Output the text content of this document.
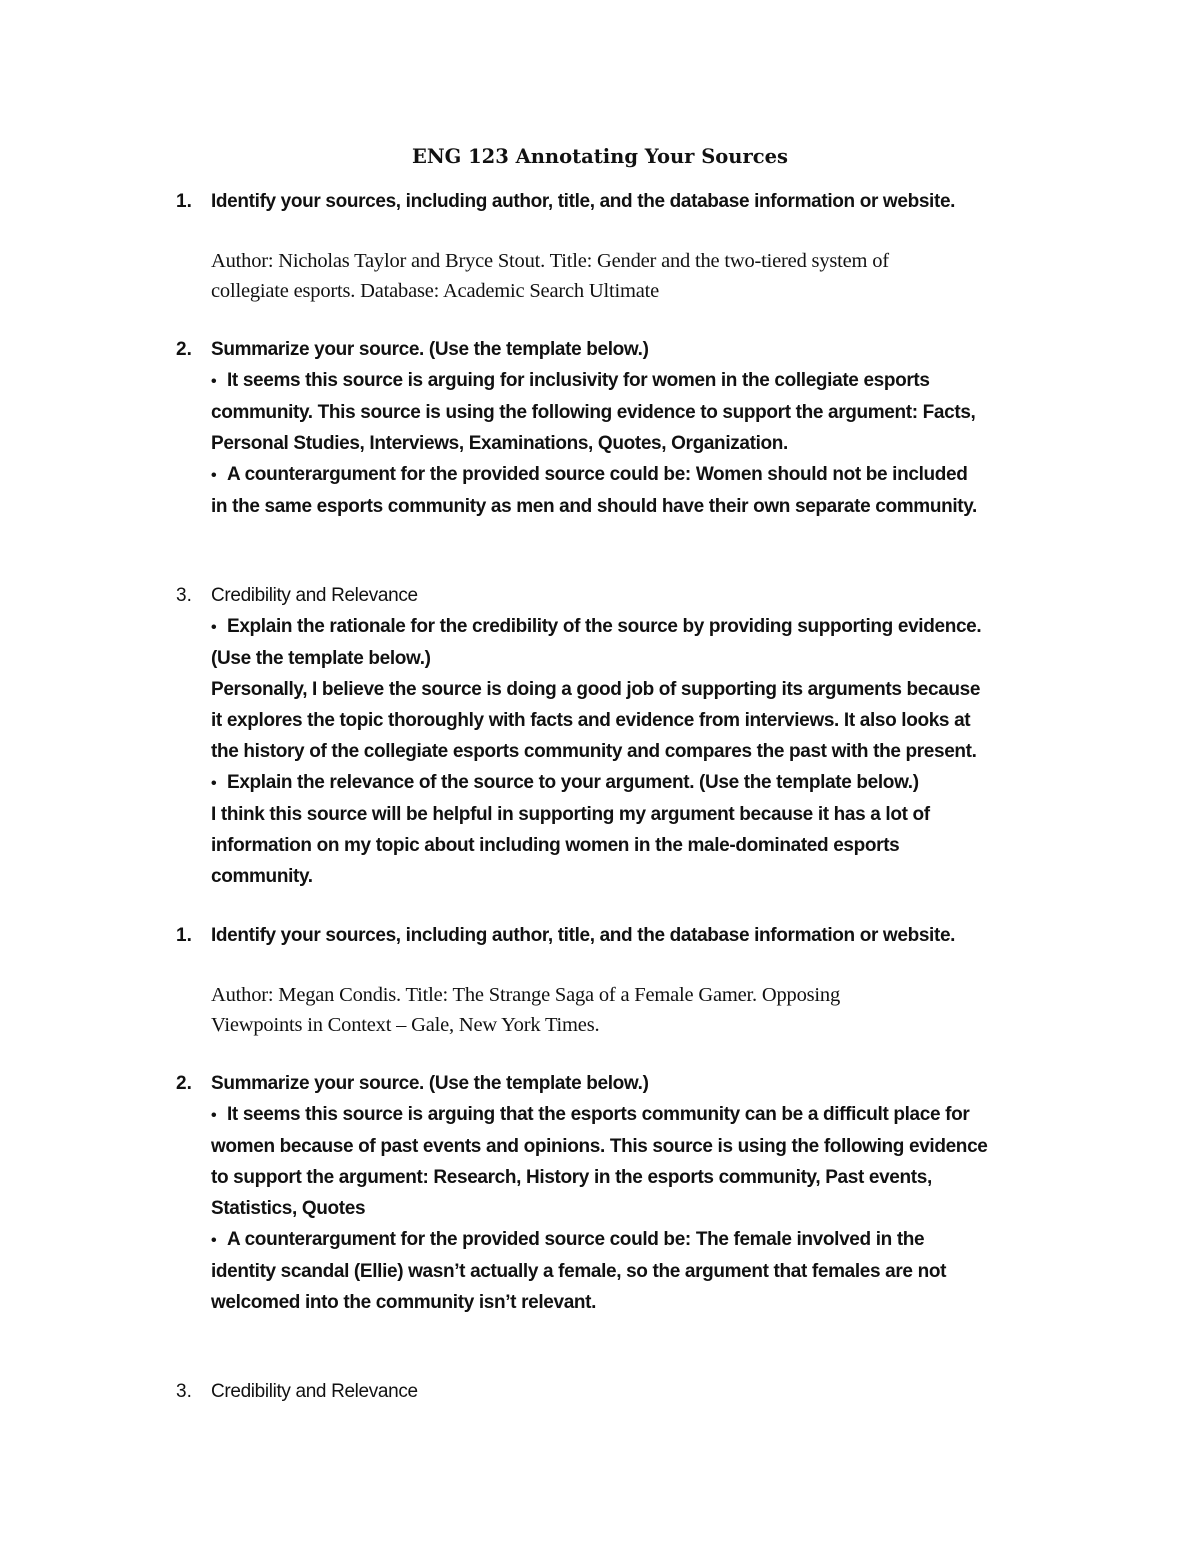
ENG 123 Annotating Your Sources
1. Identify your sources, including author, title, and the database information or website.
Author: Nicholas Taylor and Bryce Stout. Title: Gender and the two-tiered system of
collegiate esports. Database: Academic Search Ultimate
2. Summarize your source. (Use the template below.)
• It seems this source is arguing for inclusivity for women in the collegiate esports
community. This source is using the following evidence to support the argument: Facts,
Personal Studies, Interviews, Examinations, Quotes, Organization.
• A counterargument for the provided source could be: Women should not be included
in the same esports community as men and should have their own separate community.
3. Credibility and Relevance
• Explain the rationale for the credibility of the source by providing supporting evidence.
(Use the template below.)
Personally, I believe the source is doing a good job of supporting its arguments because
it explores the topic thoroughly with facts and evidence from interviews. It also looks at
the history of the collegiate esports community and compares the past with the present.
• Explain the relevance of the source to your argument. (Use the template below.)
I think this source will be helpful in supporting my argument because it has a lot of
information on my topic about including women in the male-dominated esports
community.
1. Identify your sources, including author, title, and the database information or website.
Author: Megan Condis. Title: The Strange Saga of a Female Gamer. Opposing
Viewpoints in Context – Gale, New York Times.
2. Summarize your source. (Use the template below.)
• It seems this source is arguing that the esports community can be a difficult place for
women because of past events and opinions. This source is using the following evidence
to support the argument: Research, History in the esports community, Past events,
Statistics, Quotes
• A counterargument for the provided source could be: The female involved in the
identity scandal (Ellie) wasn’t actually a female, so the argument that females are not
welcomed into the community isn’t relevant.
3. Credibility and Relevance
